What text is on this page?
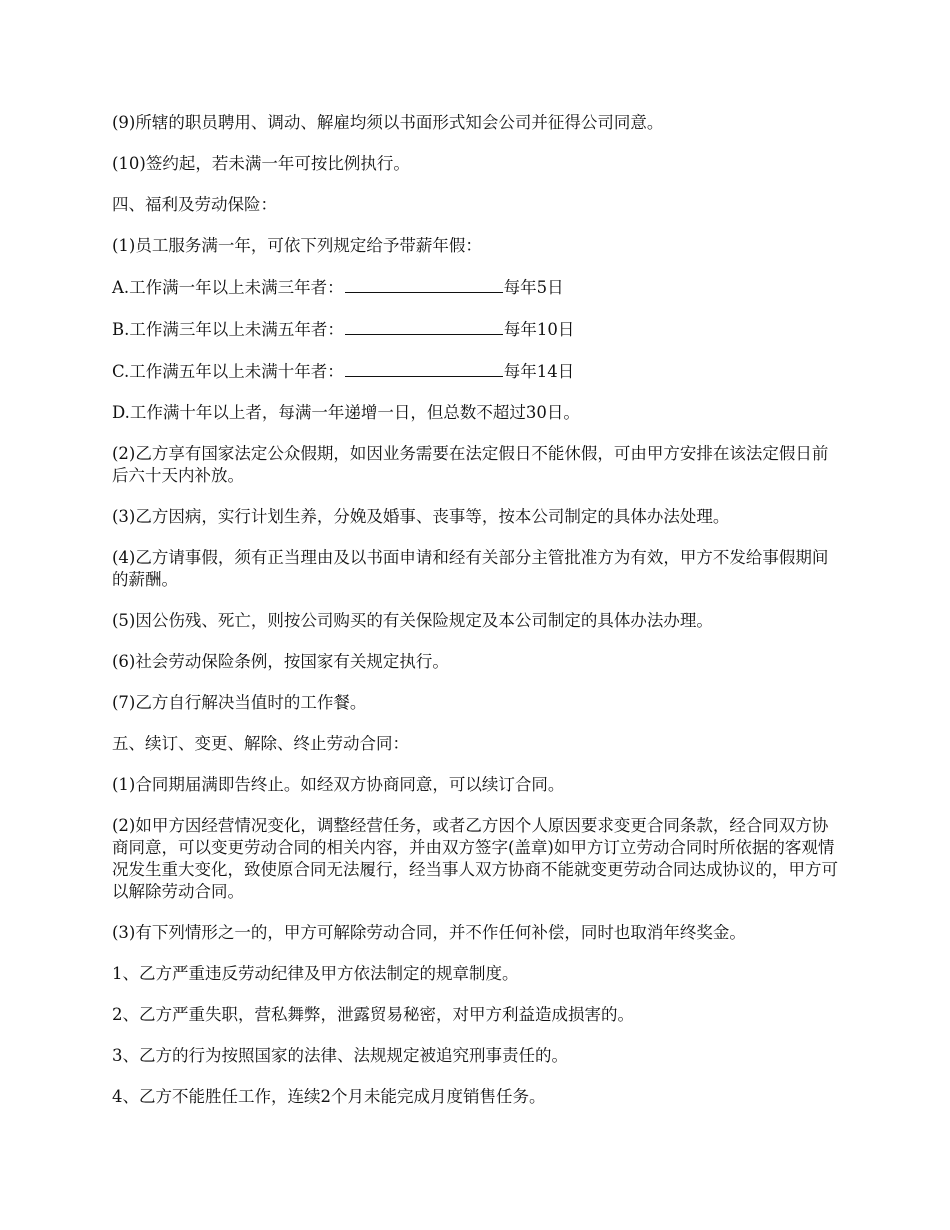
(9)所辖的职员聘用、调动、解雇均须以书面形式知会公司并征得公司同意。

(10)签约起，若未满一年可按比例执行。

四、福利及劳动保险：

(1)员工服务满一年，可依下列规定给予带薪年假：

A.工作满一年以上未满三年者：	每年5日

B.工作满三年以上未满五年者：	每年10日

C.工作满五年以上未满十年者：	每年14日

D.工作满十年以上者，每满一年递增一日，但总数不超过30日。

(2)乙方享有国家法定公众假期，如因业务需要在法定假日不能休假，可由甲方安排在该法定假日前后六十天内补放。

(3)乙方因病，实行计划生养，分娩及婚事、丧事等，按本公司制定的具体办法处理。

(4)乙方请事假，须有正当理由及以书面申请和经有关部分主管批准方为有效，甲方不发给事假期间的薪酬。

(5)因公伤残、死亡，则按公司购买的有关保险规定及本公司制定的具体办法办理。

(6)社会劳动保险条例，按国家有关规定执行。

(7)乙方自行解决当值时的工作餐。

五、续订、变更、解除、终止劳动合同：

(1)合同期届满即告终止。如经双方协商同意，可以续订合同。

(2)如甲方因经营情况变化，调整经营任务，或者乙方因个人原因要求变更合同条款，经合同双方协商同意，可以变更劳动合同的相关内容，并由双方签字(盖章)如甲方订立劳动合同时所依据的客观情况发生重大变化，致使原合同无法履行，经当事人双方协商不能就变更劳动合同达成协议的，甲方可以解除劳动合同。

(3)有下列情形之一的，甲方可解除劳动合同，并不作任何补偿，同时也取消年终奖金。

1、乙方严重违反劳动纪律及甲方依法制定的规章制度。

2、乙方严重失职，营私舞弊，泄露贸易秘密，对甲方利益造成损害的。

3、乙方的行为按照国家的法律、法规规定被追究刑事责任的。

4、乙方不能胜任工作，连续2个月未能完成月度销售任务。
